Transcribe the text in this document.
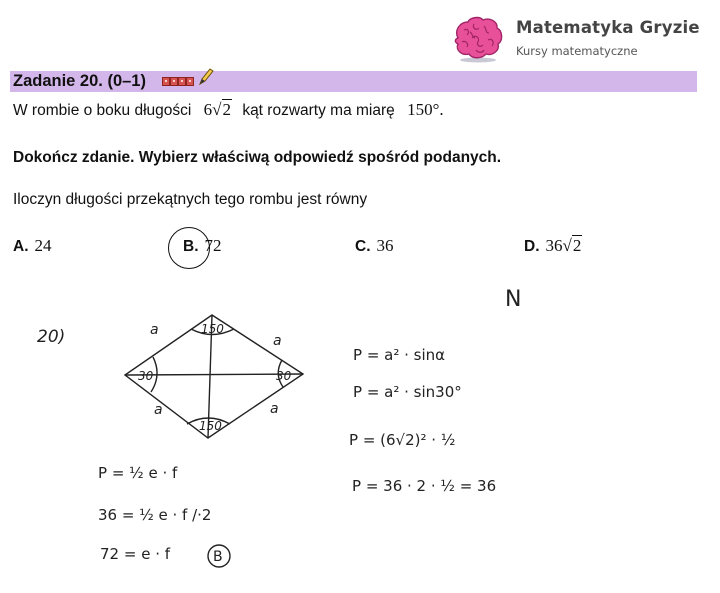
Matematyka Gryzie
Kursy matematyczne
Zadanie 20. (0–1)
W rombie o boku długości 6√2 kąt rozwarty ma miarę 150°.
Dokończ zdanie. Wybierz właściwą odpowiedź spośród podanych.
Iloczyn długości przekątnych tego rombu jest równy
A. 24	B. 72	C. 36	D. 36√2
20)
N
a
a
a	a
150
150
30	30
P = a² · sinα
P = a² · sin30°
P = (6√2)² · ½
P = 36 · 2 · ½ = 36
P = ½ e · f
36 = ½ e · f /·2
72 = e · f	B
